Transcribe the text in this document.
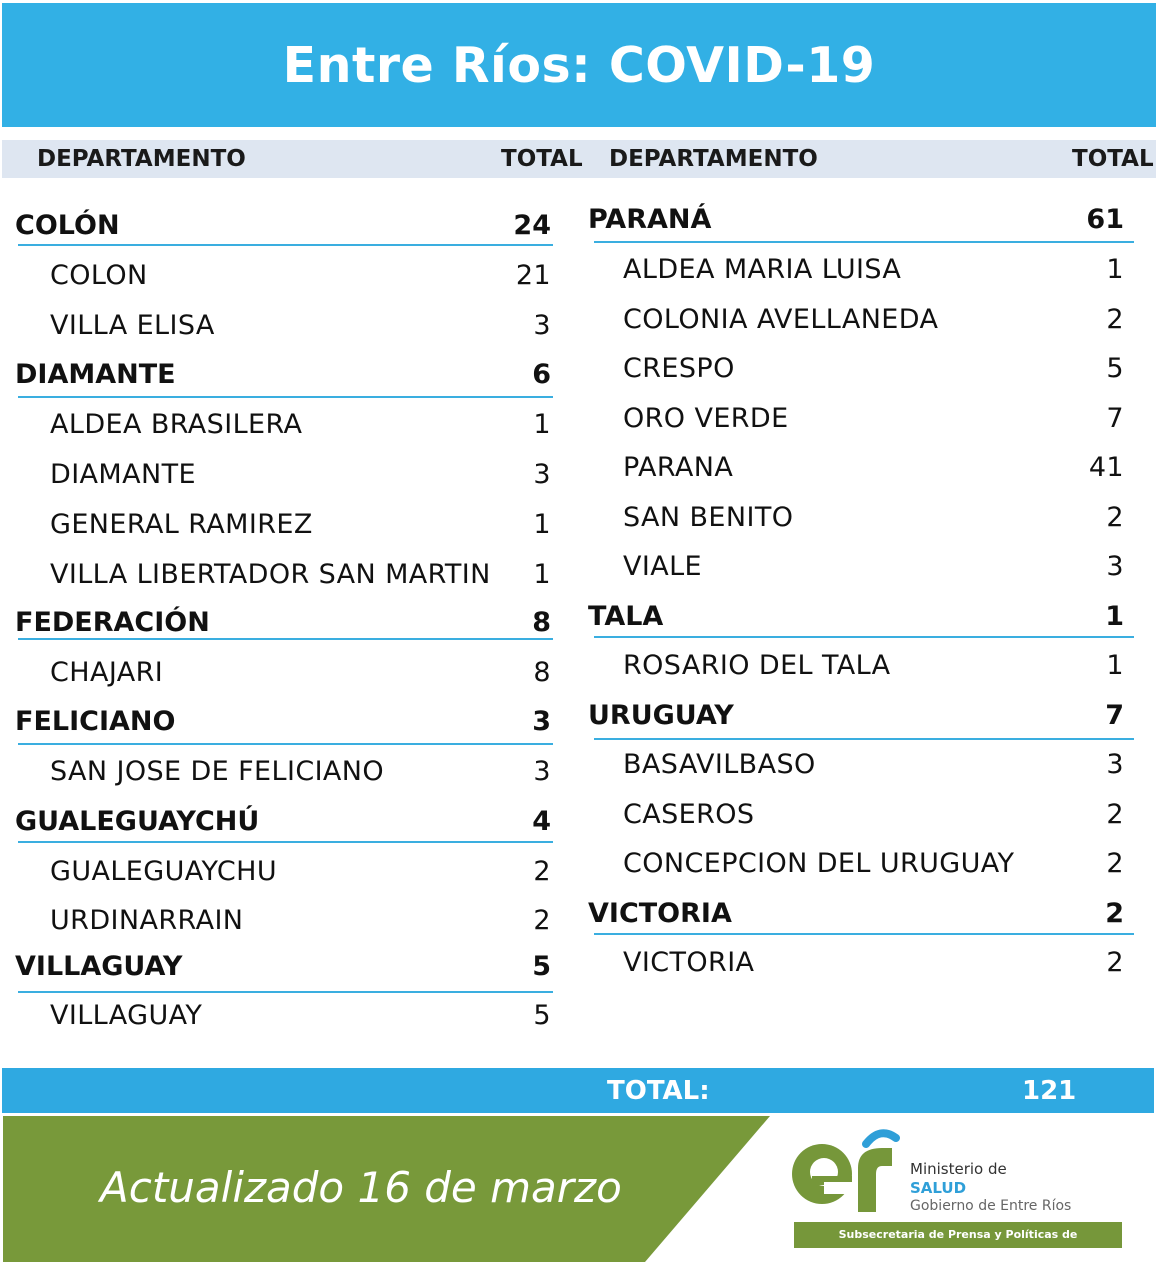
Entre Ríos: COVID-19
DEPARTAMENTO	TOTAL DEPARTAMENTO	TOTAL
COLÓN	24
COLON	21
VILLA ELISA	3
DIAMANTE	6
ALDEA BRASILERA	1
DIAMANTE	3
GENERAL RAMIREZ	1
VILLA LIBERTADOR SAN MARTIN 1
FEDERACIÓN	8
CHAJARI	8
FELICIANO	3
SAN JOSE DE FELICIANO	3
GUALEGUAYCHÚ	4
GUALEGUAYCHU	2
URDINARRAIN	2
VILLAGUAY	5
VILLAGUAY	5
PARANÁ	61
ALDEA MARIA LUISA	1
COLONIA AVELLANEDA	2
CRESPO	5
ORO VERDE	7
PARANA	41
SAN BENITO	2
VIALE	3
TALA	1
ROSARIO DEL TALA	1
URUGUAY	7
BASAVILBASO	3
CASEROS	2
CONCEPCION DEL URUGUAY	2
VICTORIA	2
VICTORIA	2
TOTAL:	121
Actualizado 16 de marzo	Ministerio de
SALUD
Gobierno de Entre Ríos
Subsecretaria de Prensa y Políticas de Comunicación
